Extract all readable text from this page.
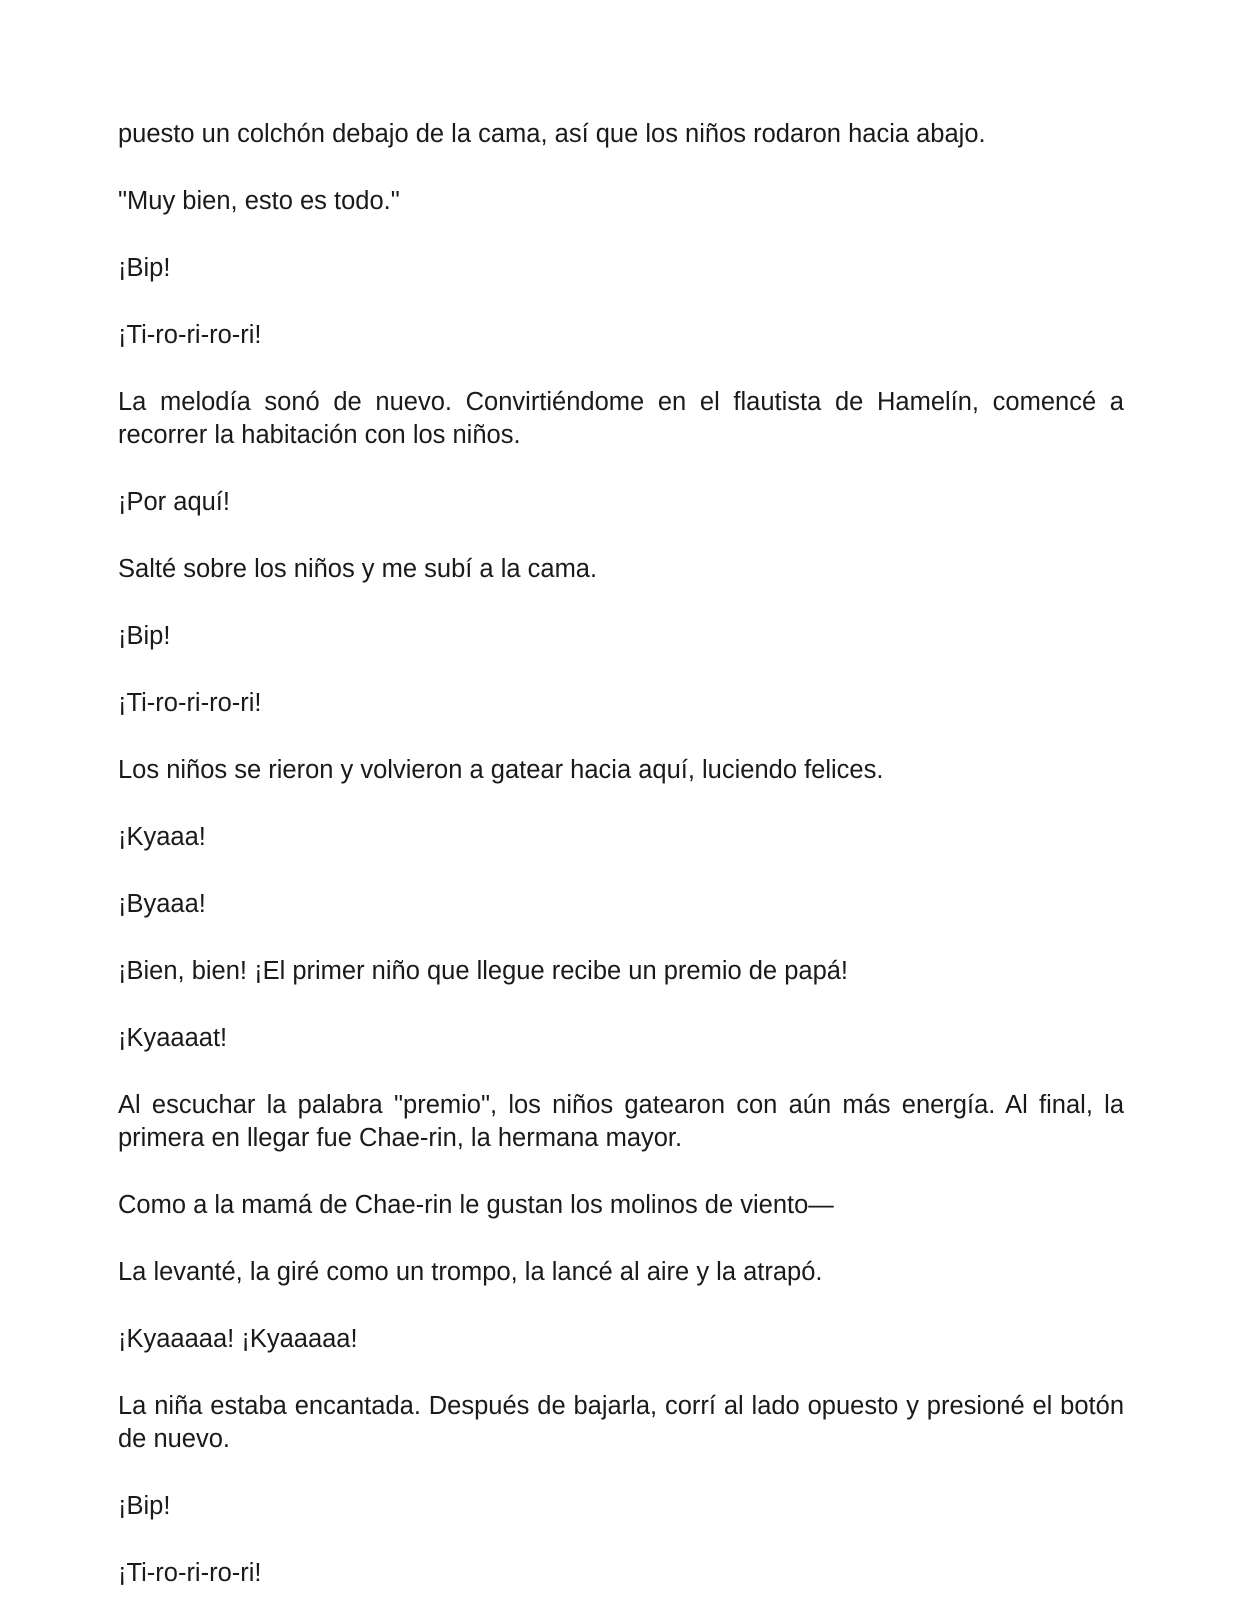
puesto un colchón debajo de la cama, así que los niños rodaron hacia abajo.

"Muy bien, esto es todo."

¡Bip!

¡Ti-ro-ri-ro-ri!

La melodía sonó de nuevo. Convirtiéndome en el flautista de Hamelín, comencé a recorrer la habitación con los niños.

¡Por aquí!

Salté sobre los niños y me subí a la cama.

¡Bip!

¡Ti-ro-ri-ro-ri!

Los niños se rieron y volvieron a gatear hacia aquí, luciendo felices.

¡Kyaaa!

¡Byaaa!

¡Bien, bien! ¡El primer niño que llegue recibe un premio de papá!

¡Kyaaaat!

Al escuchar la palabra "premio", los niños gatearon con aún más energía. Al final, la primera en llegar fue Chae-rin, la hermana mayor.

Como a la mamá de Chae-rin le gustan los molinos de viento—

La levanté, la giré como un trompo, la lancé al aire y la atrapó.

¡Kyaaaaa! ¡Kyaaaaa!

La niña estaba encantada. Después de bajarla, corrí al lado opuesto y presioné el botón de nuevo.

¡Bip!

¡Ti-ro-ri-ro-ri!
